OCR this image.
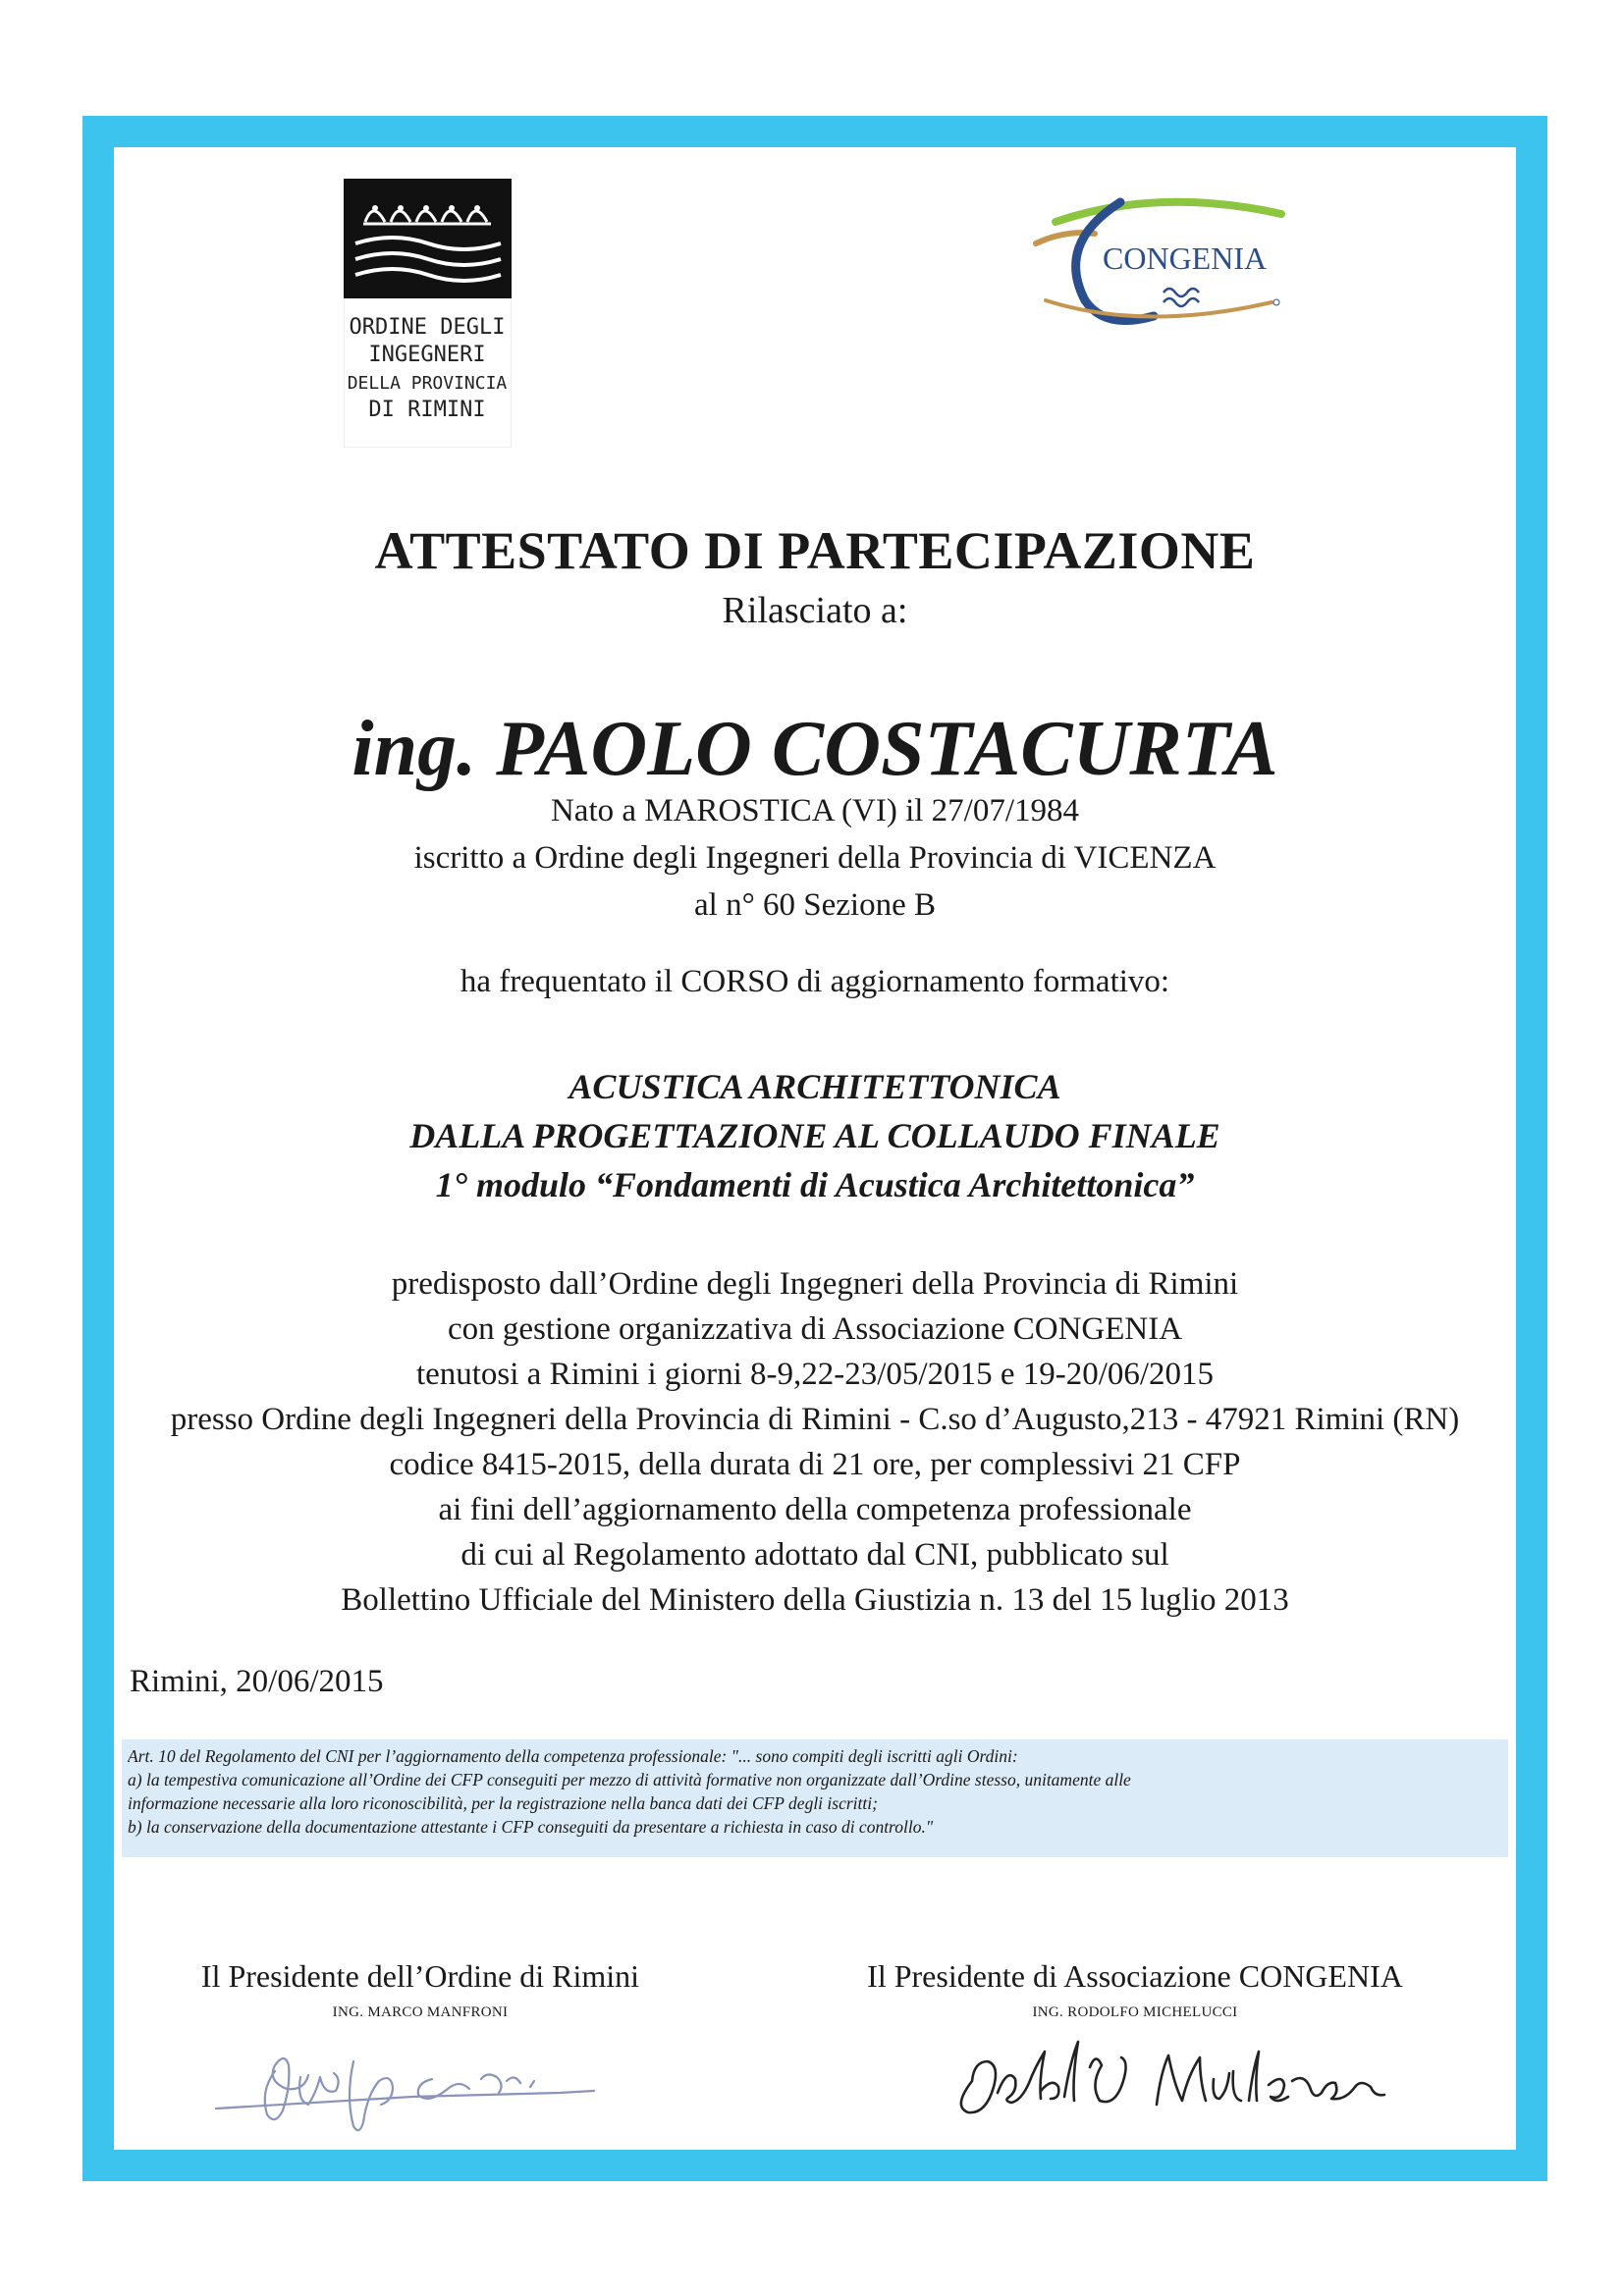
ORDINE DEGLI
INGEGNERI
DELLA PROVINCIA
DI RIMINI
CONGENIA
ATTESTATO DI PARTECIPAZIONE
Rilasciato a:
ing. PAOLO COSTACURTA
Nato a MAROSTICA (VI) il 27/07/1984
iscritto a Ordine degli Ingegneri della Provincia di VICENZA
al n° 60 Sezione B
ha frequentato il CORSO di aggiornamento formativo:
ACUSTICA ARCHITETTONICA
DALLA PROGETTAZIONE AL COLLAUDO FINALE
1° modulo “Fondamenti di Acustica Architettonica”
predisposto dall’Ordine degli Ingegneri della Provincia di Rimini
con gestione organizzativa di Associazione CONGENIA
tenutosi a Rimini i giorni 8-9,22-23/05/2015 e 19-20/06/2015
presso Ordine degli Ingegneri della Provincia di Rimini - C.so d’Augusto,213 - 47921 Rimini (RN)
codice 8415-2015, della durata di 21 ore, per complessivi 21 CFP
ai fini dell’aggiornamento della competenza professionale
di cui al Regolamento adottato dal CNI, pubblicato sul
Bollettino Ufficiale del Ministero della Giustizia n. 13 del 15 luglio 2013
Rimini, 20/06/2015
Art. 10 del Regolamento del CNI per l’aggiornamento della competenza professionale: "... sono compiti degli iscritti agli Ordini:
a) la tempestiva comunicazione all’Ordine dei CFP conseguiti per mezzo di attività formative non organizzate dall’Ordine stesso, unitamente alle
informazione necessarie alla loro riconoscibilità, per la registrazione nella banca dati dei CFP degli iscritti;
b) la conservazione della documentazione attestante i CFP conseguiti da presentare a richiesta in caso di controllo."
Il Presidente dell’Ordine di Rimini
ING. MARCO MANFRONI
Il Presidente di Associazione CONGENIA
ING. RODOLFO MICHELUCCI
